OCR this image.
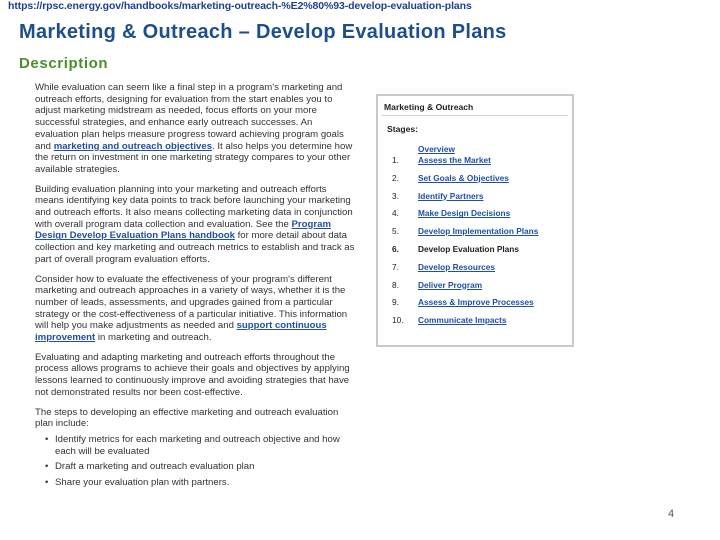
https://rpsc.energy.gov/handbooks/marketing-outreach-%E2%80%93-develop-evaluation-plans
Marketing & Outreach – Develop Evaluation Plans
Description

While evaluation can seem like a final step in a program's marketing and outreach efforts, designing for evaluation from the start enables you to adjust marketing midstream as needed, focus efforts on your more successful strategies, and enhance early outreach successes. An evaluation plan helps measure progress toward achieving program goals and marketing and outreach objectives. It also helps you determine how the return on investment in one marketing strategy compares to your other available strategies.

Building evaluation planning into your marketing and outreach efforts means identifying key data points to track before launching your marketing and outreach efforts. It also means collecting marketing data in conjunction with overall program data collection and evaluation. See the Program Design Develop Evaluation Plans handbook for more detail about data collection and key marketing and outreach metrics to establish and track as part of overall program evaluation efforts.

Consider how to evaluate the effectiveness of your program's different marketing and outreach approaches in a variety of ways, whether it is the number of leads, assessments, and upgrades gained from a particular strategy or the cost-effectiveness of a particular initiative. This information will help you make adjustments as needed and support continuous improvement in marketing and outreach.

Evaluating and adapting marketing and outreach efforts throughout the process allows programs to achieve their goals and objectives by applying lessons learned to continuously improve and avoiding strategies that have not demonstrated results nor been cost-effective.

The steps to developing an effective marketing and outreach evaluation plan include:

• Identify metrics for each marketing and outreach objective and how each will be evaluated
• Draft a marketing and outreach evaluation plan
• Share your evaluation plan with partners.
Marketing & Outreach
Stages:
Overview
1.	Assess the Market
2.	Set Goals & Objectives
3.	Identify Partners
4.	Make Design Decisions
5.	Develop Implementation Plans
6.	Develop Evaluation Plans
7.	Develop Resources
8.	Deliver Program
9.	Assess & Improve Processes
10.	Communicate Impacts
4
